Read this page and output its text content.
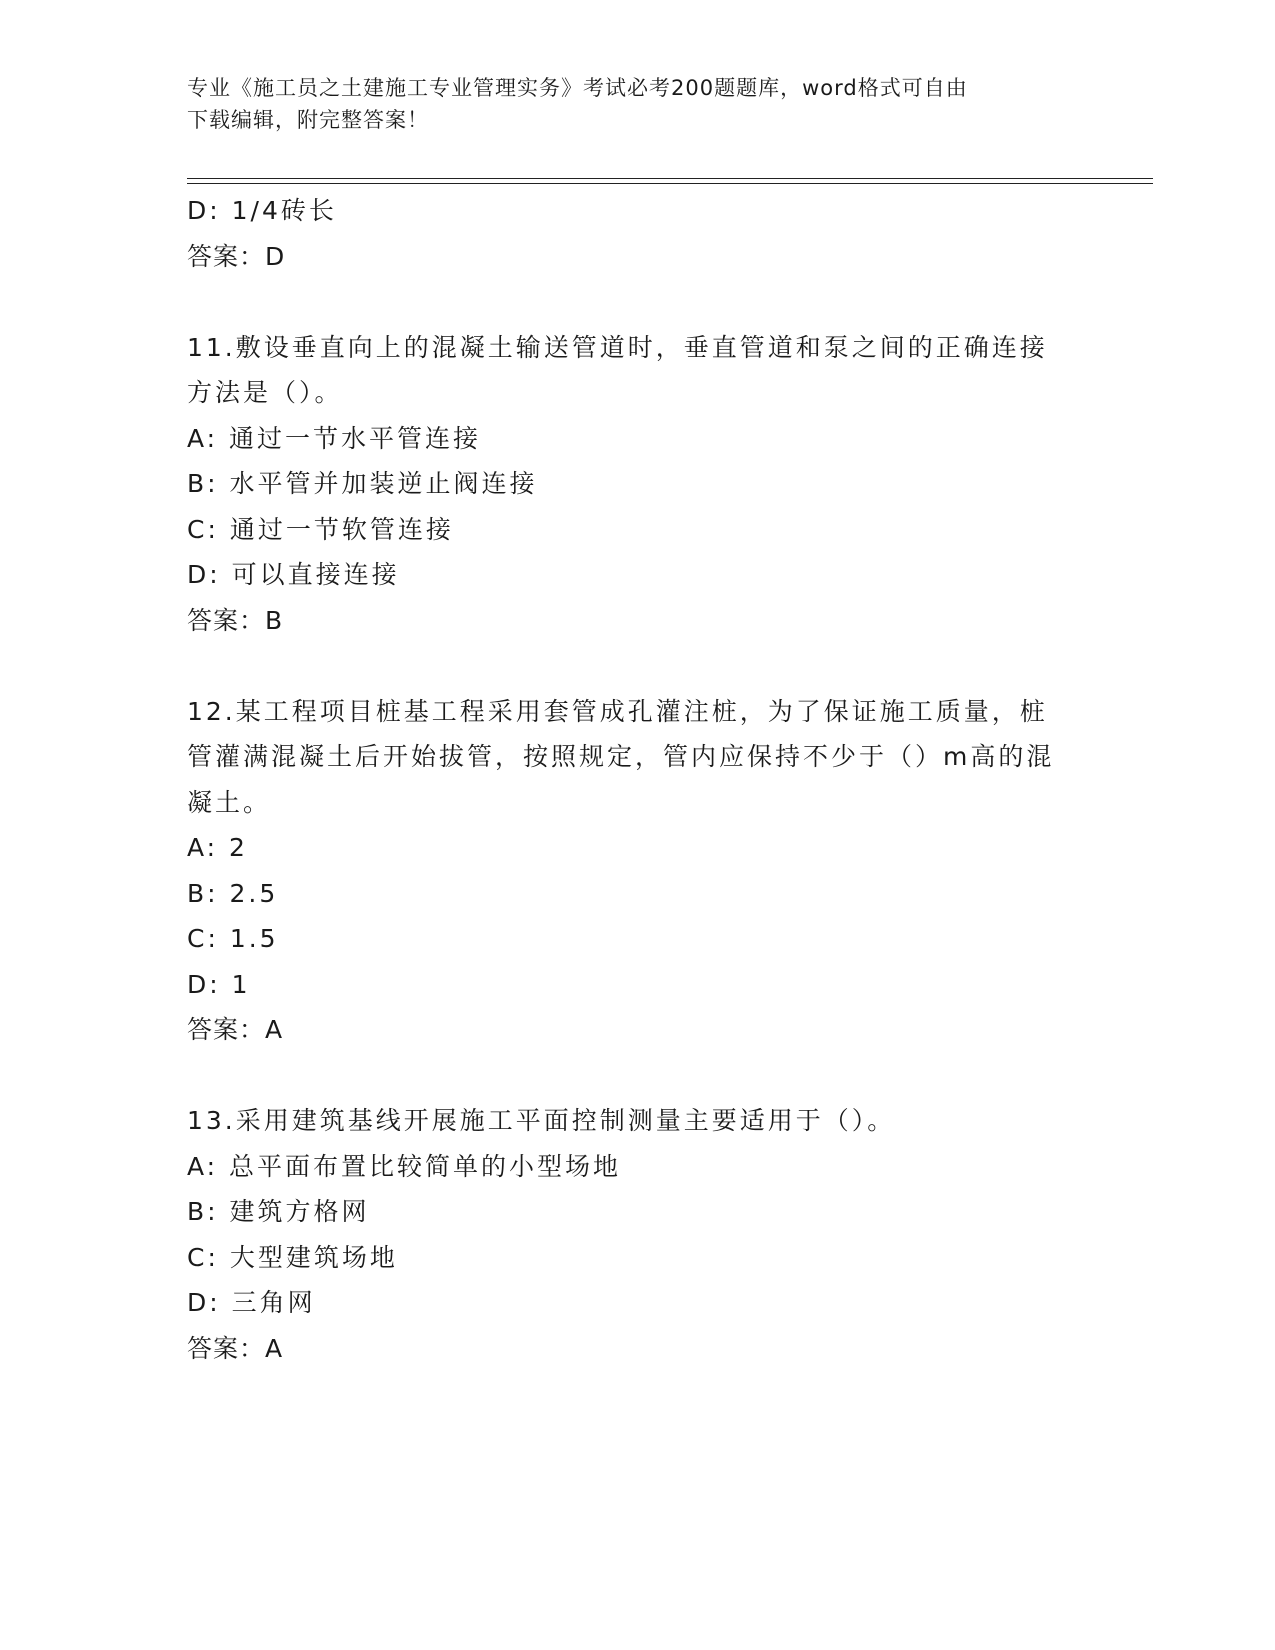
专业《施工员之土建施工专业管理实务》考试必考200题题库，word格式可自由
下载编辑，附完整答案！
D: 1/4砖长
答案：D
11.敷设垂直向上的混凝土输送管道时，垂直管道和泵之间的正确连接
方法是（）。
A: 通过一节水平管连接
B: 水平管并加装逆止阀连接
C: 通过一节软管连接
D: 可以直接连接
答案：B
12.某工程项目桩基工程采用套管成孔灌注桩，为了保证施工质量，桩
管灌满混凝土后开始拔管，按照规定，管内应保持不少于（）m高的混
凝土。
A: 2
B: 2.5
C: 1.5
D: 1
答案：A
13.采用建筑基线开展施工平面控制测量主要适用于（）。
A: 总平面布置比较简单的小型场地
B: 建筑方格网
C: 大型建筑场地
D: 三角网
答案：A
